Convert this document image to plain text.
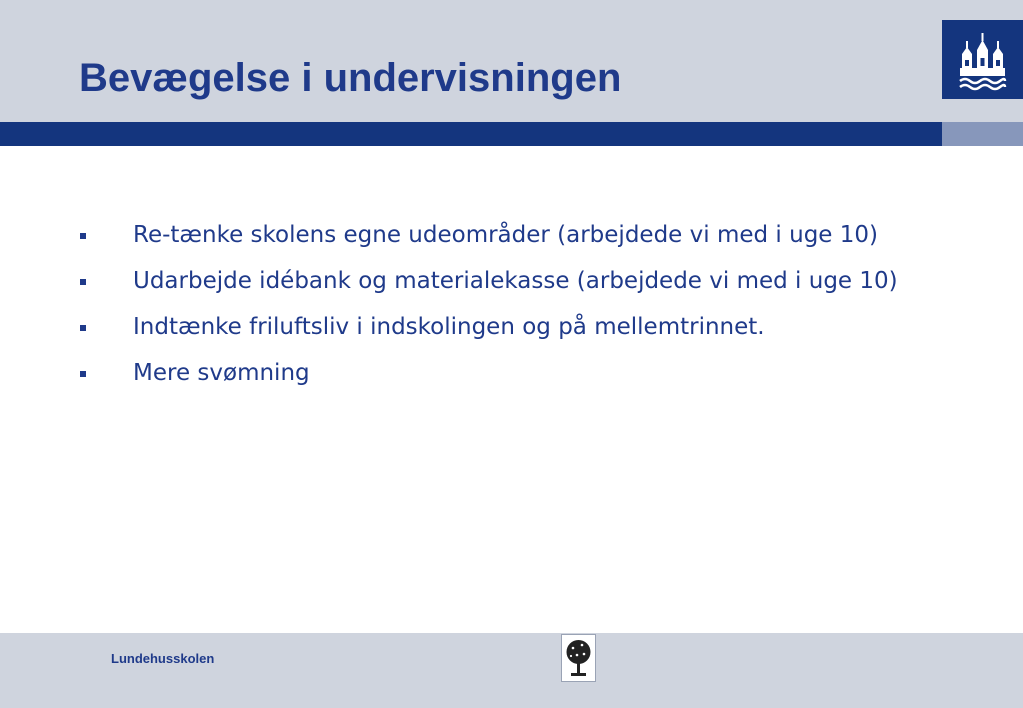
Bevægelse i undervisningen
Re-tænke skolens egne udeområder (arbejdede vi med i uge 10)
Udarbejde idébank og materialekasse (arbejdede vi med i uge 10)
Indtænke friluftsliv i indskolingen og på mellemtrinnet.
Mere svømning
Lundehusskolen
